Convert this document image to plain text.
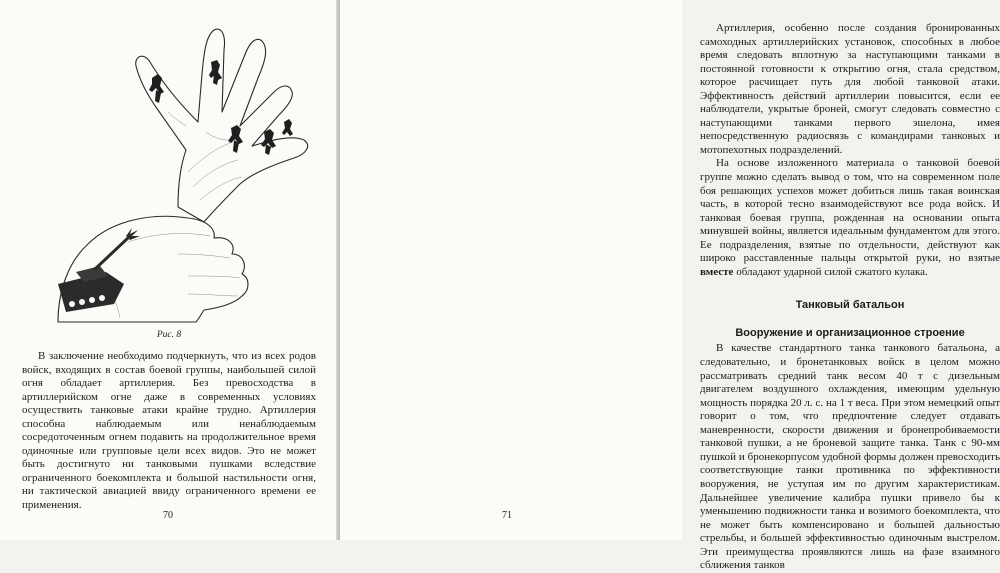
Рис. 8

В заключение необходимо подчеркнуть, что из всех родов войск, входящих в состав боевой группы, наибольшей силой огня обладает артиллерия. Без превосходства в артиллерийском огне даже в современных условиях осуществить танковые атаки крайне трудно. Артиллерия способна наблюдаемым или ненаблюдаемым сосредоточенным огнем подавить на продолжительное время одиночные или групповые цели всех видов. Это не может быть достигнуто ни танковыми пушками вследствие ограниченного боекомплекта и большой настильности огня, ни тактической авиацией ввиду ограниченного времени ее применения.

70

Артиллерия, особенно после создания бронированных самоходных артиллерийских установок, способных в любое время следовать вплотную за наступающими танками в постоянной готовности к открытию огня, стала средством, которое расчищает путь для любой танковой атаки. Эффективность действий артиллерии повысится, если ее наблюдатели, укрытые броней, смогут следовать совместно с наступающими танками первого эшелона, имея непосредственную радиосвязь с командирами танковых и мотопехотных подразделений.

На основе изложенного материала о танковой боевой группе можно сделать вывод о том, что на современном поле боя решающих успехов может добиться лишь такая воинская часть, в которой тесно взаимодействуют все рода войск. И танковая боевая группа, рожденная на основании опыта минувшей войны, является идеальным фундаментом для этого. Ее подразделения, взятые по отдельности, действуют как широко расставленные пальцы открытой руки, но взятые вместе обладают ударной силой сжатого кулака.

Танковый батальон
Вооружение и организационное строение

В качестве стандартного танка танкового батальона, а следовательно, и бронетанковых войск в целом можно рассматривать средний танк весом 40 т с дизельным двигателем воздушного охлаждения, имеющим удельную мощность порядка 20 л. с. на 1 т веса. При этом немецкий опыт говорит о том, что предпочтение следует отдавать маневренности, скорости движения и бронепробиваемости танковой пушки, а не броневой защите танка. Танк с 90-мм пушкой и бронекорпусом удобной формы должен превосходить соответствующие танки противника по эффективности вооружения, не уступая им по другим характеристикам. Дальнейшее увеличение калибра пушки привело бы к уменьшению подвижности танка и возимого боекомплекта, что не может быть компенсировано и большей дальностью стрельбы, и большей эффективностью одиночным выстрелом. Эти преимущества проявляются лишь на фазе взаимного сближения танков

71
